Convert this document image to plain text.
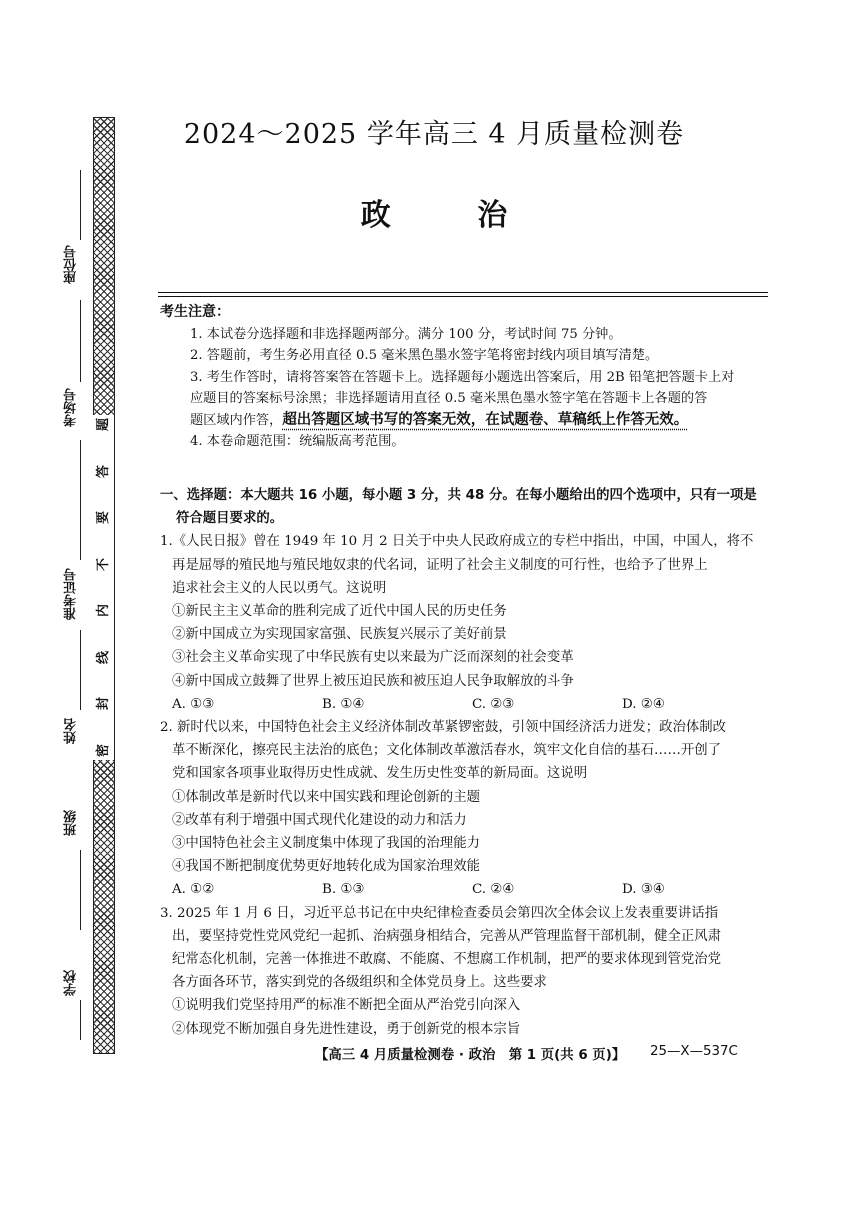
题
答
要
不
内
线
封
密
座位号
考场号
准考证号
姓名
班级
学校
2024～2025 学年高三 4 月质量检测卷
政 治
考生注意：
1. 本试卷分选择题和非选择题两部分。满分 100 分，考试时间 75 分钟。
2. 答题前，考生务必用直径 0.5 毫米黑色墨水签字笔将密封线内项目填写清楚。
3. 考生作答时，请将答案答在答题卡上。选择题每小题选出答案后，用 2B 铅笔把答题卡上对
应题目的答案标号涂黑；非选择题请用直径 0.5 毫米黑色墨水签字笔在答题卡上各题的答
题区域内作答，超出答题区域书写的答案无效，在试题卷、草稿纸上作答无效。
4. 本卷命题范围：统编版高考范围。
一、选择题：本大题共 16 小题，每小题 3 分，共 48 分。在每小题给出的四个选项中，只有一项是
符合题目要求的。
1.《人民日报》曾在 1949 年 10 月 2 日关于中央人民政府成立的专栏中指出，中国，中国人，将不
再是屈辱的殖民地与殖民地奴隶的代名词，证明了社会主义制度的可行性，也给予了世界上
追求社会主义的人民以勇气。这说明
①新民主主义革命的胜利完成了近代中国人民的历史任务
②新中国成立为实现国家富强、民族复兴展示了美好前景
③社会主义革命实现了中华民族有史以来最为广泛而深刻的社会变革
④新中国成立鼓舞了世界上被压迫民族和被压迫人民争取解放的斗争
A. ①③	B. ①④	C. ②③	D. ②④
2. 新时代以来，中国特色社会主义经济体制改革紧锣密鼓，引领中国经济活力迸发；政治体制改
革不断深化，擦亮民主法治的底色；文化体制改革激活春水，筑牢文化自信的基石……开创了
党和国家各项事业取得历史性成就、发生历史性变革的新局面。这说明
①体制改革是新时代以来中国实践和理论创新的主题
②改革有利于增强中国式现代化建设的动力和活力
③中国特色社会主义制度集中体现了我国的治理能力
④我国不断把制度优势更好地转化成为国家治理效能
A. ①②	B. ①③	C. ②④	D. ③④
3. 2025 年 1 月 6 日，习近平总书记在中央纪律检查委员会第四次全体会议上发表重要讲话指
出，要坚持党性党风党纪一起抓、治病强身相结合，完善从严管理监督干部机制，健全正风肃
纪常态化机制，完善一体推进不敢腐、不能腐、不想腐工作机制，把严的要求体现到管党治党
各方面各环节，落实到党的各级组织和全体党员身上。这些要求
①说明我们党坚持用严的标准不断把全面从严治党引向深入
②体现党不断加强自身先进性建设，勇于创新党的根本宗旨
【高三 4 月质量检测卷 · 政治　第 1 页(共 6 页)】 25—X—537C
